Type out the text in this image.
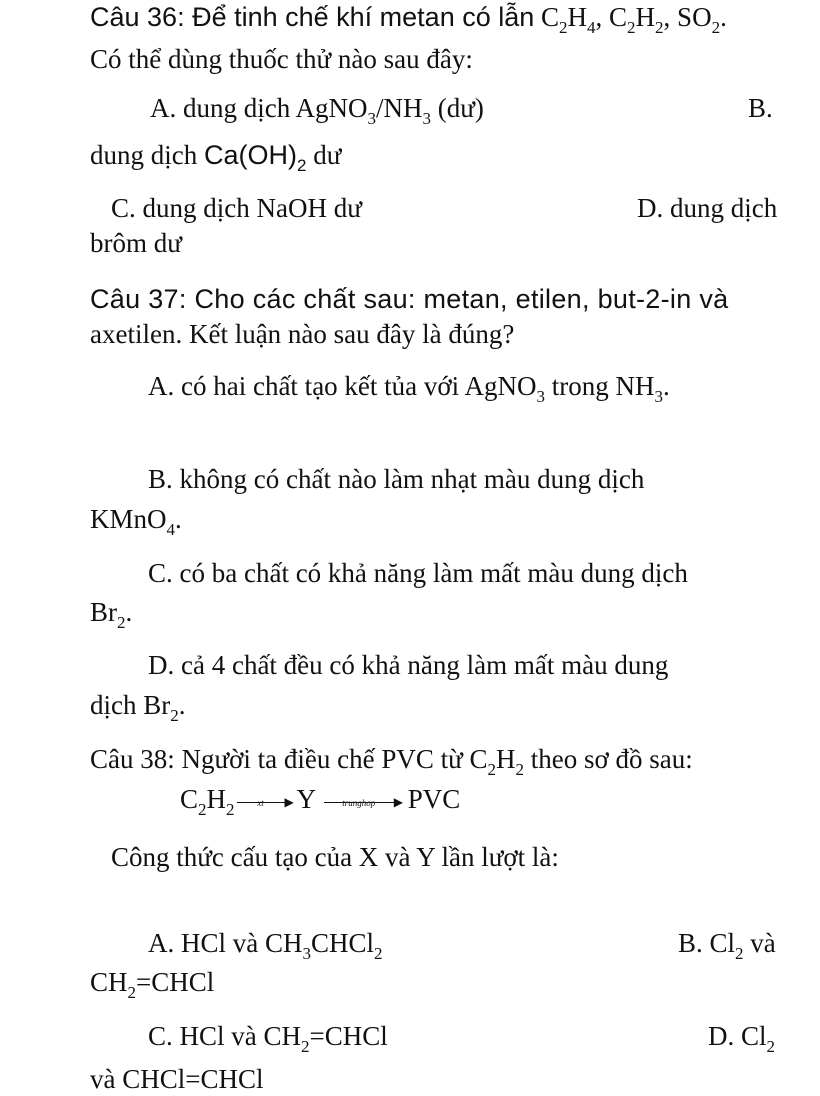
Câu 36: Để tinh chế khí metan có lẫn $C_2H_4$, $C_2H_2$, $SO_2$.
Có thể dùng thuốc thử nào sau đây:
A. dung dịch $AgNO_3/NH_3$ (dư)	B.
dung dịch $Ca(OH)_2$ dư
C. dung dịch NaOH dư	D. dung dịch
brôm dư
Câu 37: Cho các chất sau: metan, etilen, but-2-in và
axetilen. Kết luận nào sau đây là đúng?
A. có hai chất tạo kết tủa với AgNO$_3$ trong $NH_3$.
B. không có chất nào làm nhạt màu dung dịch
KMnO$_4$.
C. có ba chất có khả năng làm mất màu dung dịch
$Br_2$.
D. cả 4 chất đều có khả năng làm mất màu dung
dịch $Br_2$.
Câu 38: Người ta điều chế PVC từ $C_2H_2$ theo sơ đồ sau:
$C_2H_2$	xt	▶ Y	trunghop	▶ PVC
Công thức cấu tạo của X và Y lần lượt là:
A. HCl và $CH_3CHCl_2$	B. $Cl_2$ và
$CH_2=CHCl$
C. HCl và $CH_2=CHCl$	D. $Cl_2$
và CHCl=CHCl
